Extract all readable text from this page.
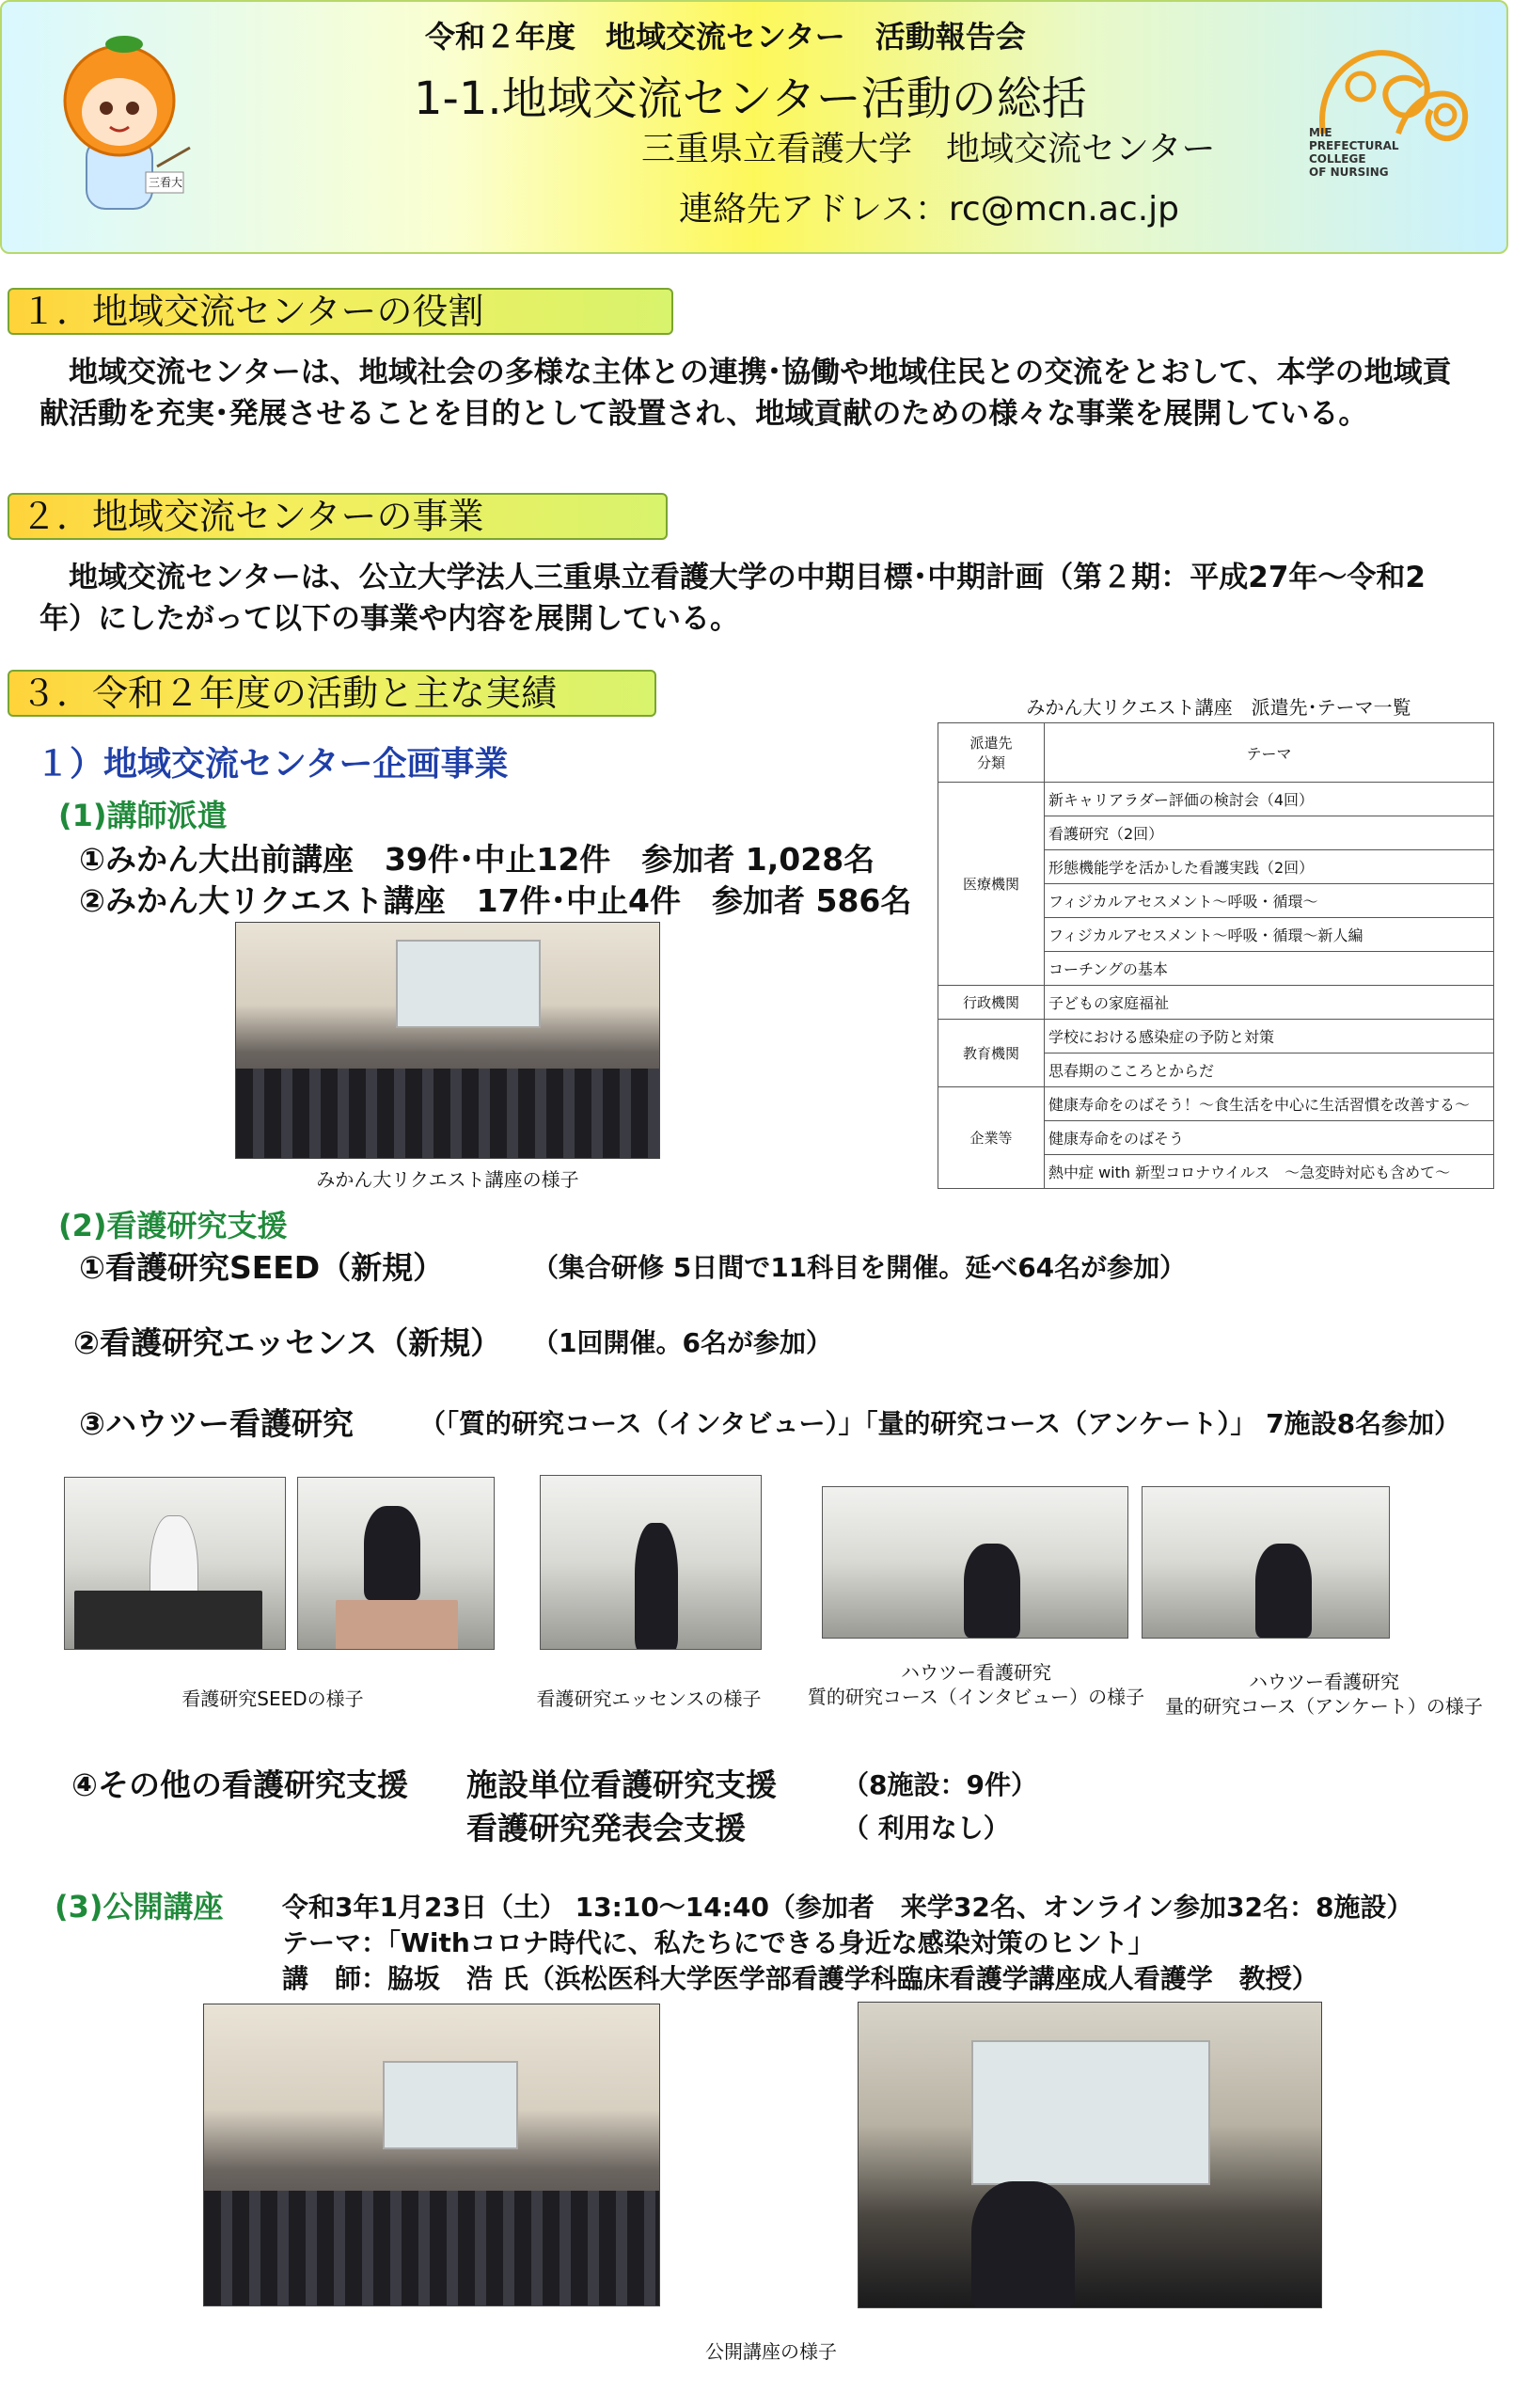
三看大
令和２年度　地域交流センター　活動報告会
1-1.地域交流センター活動の総括
三重県立看護大学　地域交流センター
連絡先アドレス：rc@mcn.ac.jp
MIE
PREFECTURAL
COLLEGE
OF NURSING
１．地域交流センターの役割
　地域交流センターは、地域社会の多様な主体との連携･協働や地域住民との交流をとおして、本学の地域貢献活動を充実･発展させることを目的として設置され、地域貢献のための様々な事業を展開している。
２．地域交流センターの事業
　地域交流センターは、公立大学法人三重県立看護大学の中期目標･中期計画（第２期：平成27年～令和2年）にしたがって以下の事業や内容を展開している。
３．令和２年度の活動と主な実績
１）地域交流センター企画事業
(1)講師派遣
①みかん大出前講座　39件･中止12件　参加者 1,028名
②みかん大リクエスト講座　17件･中止4件　参加者 586名
みかん大リクエスト講座の様子
みかん大リクエスト講座　派遣先･テーマ一覧
派遣先
分類	テーマ
医療機関	新キャリアラダー評価の検討会（4回）
	看護研究（2回）
	形態機能学を活かした看護実践（2回）
	フィジカルアセスメント～呼吸・循環～
	フィジカルアセスメント～呼吸・循環～新人編
	コーチングの基本
行政機関	子どもの家庭福祉
教育機関	学校における感染症の予防と対策
	思春期のこころとからだ
企業等	健康寿命をのばそう！～食生活を中心に生活習慣を改善する～
	健康寿命をのばそう
	熱中症 with 新型コロナウイルス　～急変時対応も含めて～
(2)看護研究支援
①看護研究SEED（新規）	（集合研修 5日間で11科目を開催。延べ64名が参加）
②看護研究エッセンス（新規） （1回開催。6名が参加）
③ハウツー看護研究	（「質的研究コース（インタビュー）」「量的研究コース（アンケート）」 7施設8名参加）
看護研究SEEDの様子	看護研究エッセンスの様子
ハウツー看護研究
質的研究コース（インタビュー）の様子
ハウツー看護研究
量的研究コース（アンケート）の様子
④その他の看護研究支援 施設単位看護研究支援	（8施設：9件）
看護研究発表会支援	（ 利用なし）
(3)公開講座 令和3年1月23日（土） 13:10～14:40（参加者　来学32名、オンライン参加32名：8施設）
テーマ：「Withコロナ時代に、私たちにできる身近な感染対策のヒント」
講　師：脇坂　浩 氏（浜松医科大学医学部看護学科臨床看護学講座成人看護学　教授）
公開講座の様子
